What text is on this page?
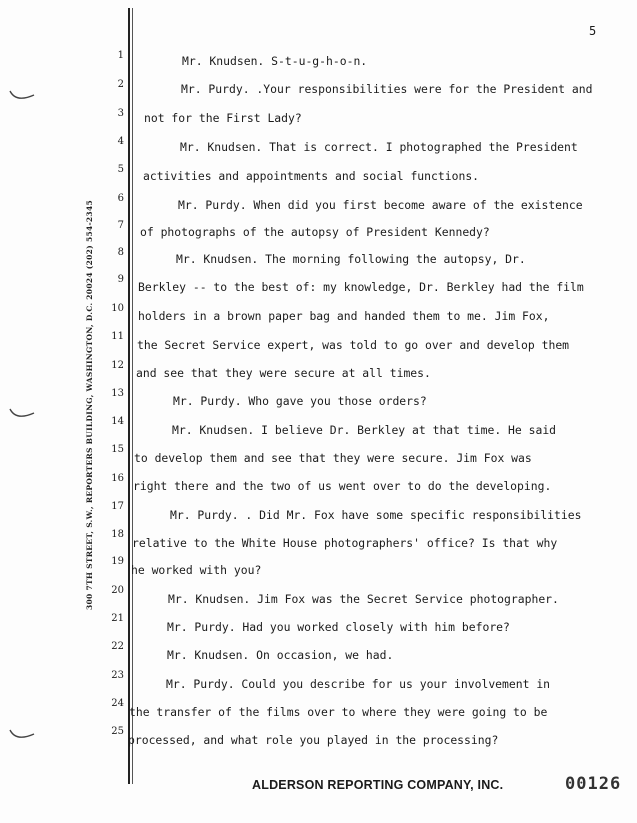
5
300 7TH STREET, S.W., REPORTERS BUILDING, WASHINGTON, D.C. 20024 (202) 554-2345
1
2
3
4
5
6
7
8
9
10
11
12
13
14
15
16
17
18
19
20
21
22
23
24
25
Mr. Knudsen. S-t-u-g-h-o-n.
Mr. Purdy. .Your responsibilities were for the President and
not for the First Lady?
Mr. Knudsen. That is correct. I photographed the President
activities and appointments and social functions.
Mr. Purdy. When did you first become aware of the existence
of photographs of the autopsy of President Kennedy?
Mr. Knudsen. The morning following the autopsy, Dr.
Berkley -- to the best of: my knowledge, Dr. Berkley had the film
holders in a brown paper bag and handed them to me. Jim Fox,
the Secret Service expert, was told to go over and develop them
and see that they were secure at all times.
Mr. Purdy. Who gave you those orders?
Mr. Knudsen. I believe Dr. Berkley at that time. He said
to develop them and see that they were secure. Jim Fox was
right there and the two of us went over to do the developing.
Mr. Purdy. . Did Mr. Fox have some specific responsibilities
relative to the White House photographers' office? Is that why
he worked with you?
Mr. Knudsen. Jim Fox was the Secret Service photographer.
Mr. Purdy. Had you worked closely with him before?
Mr. Knudsen. On occasion, we had.
Mr. Purdy. Could you describe for us your involvement in
the transfer of the films over to where they were going to be
processed, and what role you played in the processing?
ALDERSON REPORTING COMPANY, INC.	00126
